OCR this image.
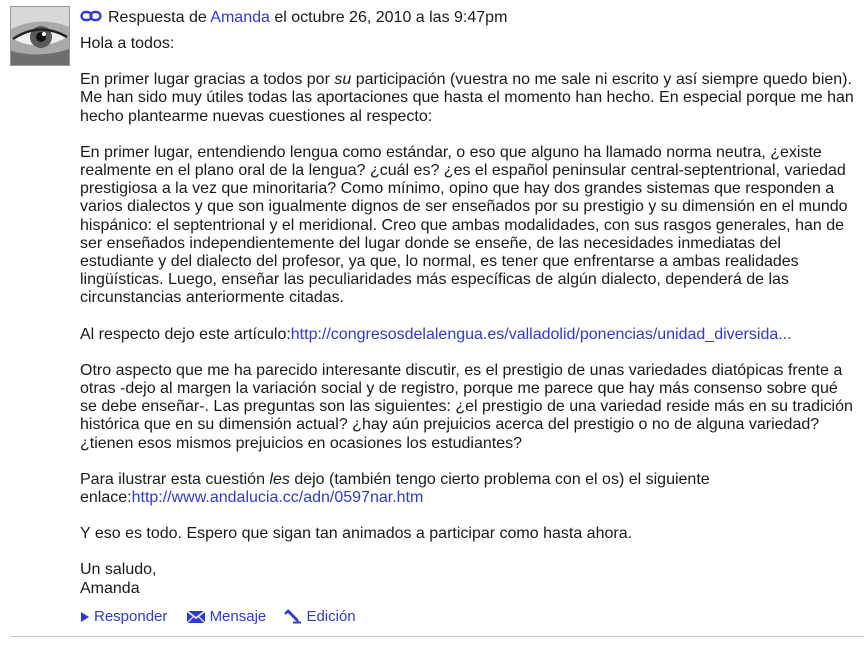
Respuesta de Amanda el octubre 26, 2010 a las 9:47pm

Hola a todos:

En primer lugar gracias a todos por su participación (vuestra no me sale ni escrito y así siempre quedo bien). Me han sido muy útiles todas las aportaciones que hasta el momento han hecho. En especial porque me han hecho plantearme nuevas cuestiones al respecto:

En primer lugar, entendiendo lengua como estándar, o eso que alguno ha llamado norma neutra, ¿existe realmente en el plano oral de la lengua? ¿cuál es? ¿es el español peninsular central-septentrional, variedad prestigiosa a la vez que minoritaria? Como mínimo, opino que hay dos grandes sistemas que responden a varios dialectos y que son igualmente dignos de ser enseñados por su prestigio y su dimensión en el mundo hispánico: el septentrional y el meridional. Creo que ambas modalidades, con sus rasgos generales, han de ser enseñados independientemente del lugar donde se enseñe, de las necesidades inmediatas del estudiante y del dialecto del profesor, ya que, lo normal, es tener que enfrentarse a ambas realidades lingüísticas. Luego, enseñar las peculiaridades más específicas de algún dialecto, dependerá de las circunstancias anteriormente citadas.

Al respecto dejo este artículo:http://congresosdelalengua.es/valladolid/ponencias/unidad_diversida...

Otro aspecto que me ha parecido interesante discutir, es el prestigio de unas variedades diatópicas frente a otras -dejo al margen la variación social y de registro, porque me parece que hay más consenso sobre qué se debe enseñar-. Las preguntas son las siguientes: ¿el prestigio de una variedad reside más en su tradición histórica que en su dimensión actual? ¿hay aún prejuicios acerca del prestigio o no de alguna variedad? ¿tienen esos mismos prejuicios en ocasiones los estudiantes?

Para ilustrar esta cuestión les dejo (también tengo cierto problema con el os) el siguiente enlace:http://www.andalucia.cc/adn/0597nar.htm

Y eso es todo. Espero que sigan tan animados a participar como hasta ahora.

Un saludo,

Amanda

Responder	Mensaje	Edición
